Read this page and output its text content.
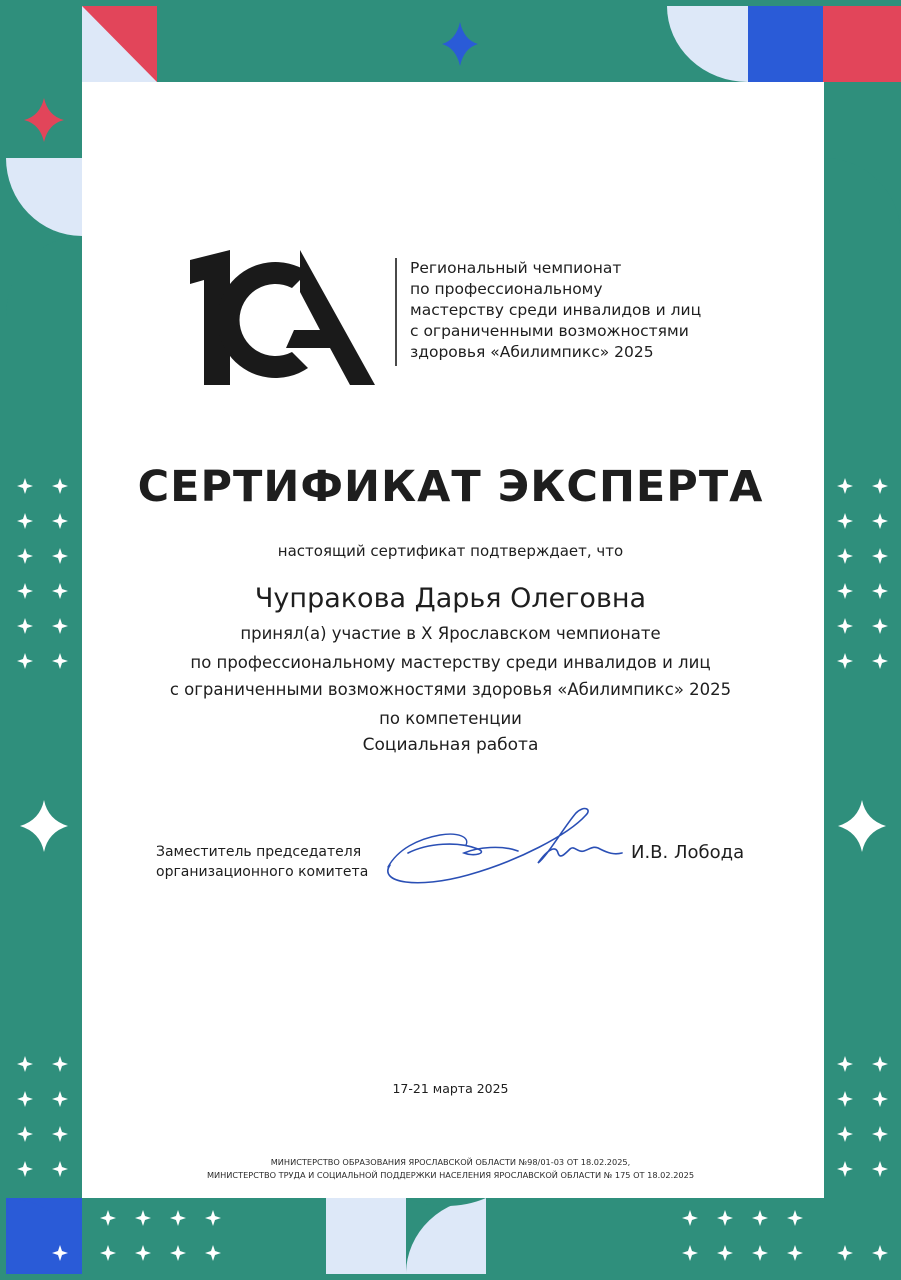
Региональный чемпионат
по профессиональному
мастерству среди инвалидов и лиц
с ограниченными возможностями
здоровья «Абилимпикс» 2025

СЕРТИФИКАТ ЭКСПЕРТА
настоящий сертификат подтверждает, что
Чупракова Дарья Олеговна
принял(а) участие в X Ярославском чемпионате
по профессиональному мастерству среди инвалидов и лиц
с ограниченными возможностями здоровья «Абилимпикс» 2025
по компетенции
Социальная работа
Заместитель председателя
организационного комитета
И.В. Лобода
17-21 марта 2025
МИНИСТЕРСТВО ОБРАЗОВАНИЯ ЯРОСЛАВСКОЙ ОБЛАСТИ №98/01-03 ОТ 18.02.2025,
МИНИСТЕРСТВО ТРУДА И СОЦИАЛЬНОЙ ПОДДЕРЖКИ НАСЕЛЕНИЯ ЯРОСЛАВСКОЙ ОБЛАСТИ № 175 ОТ 18.02.2025
